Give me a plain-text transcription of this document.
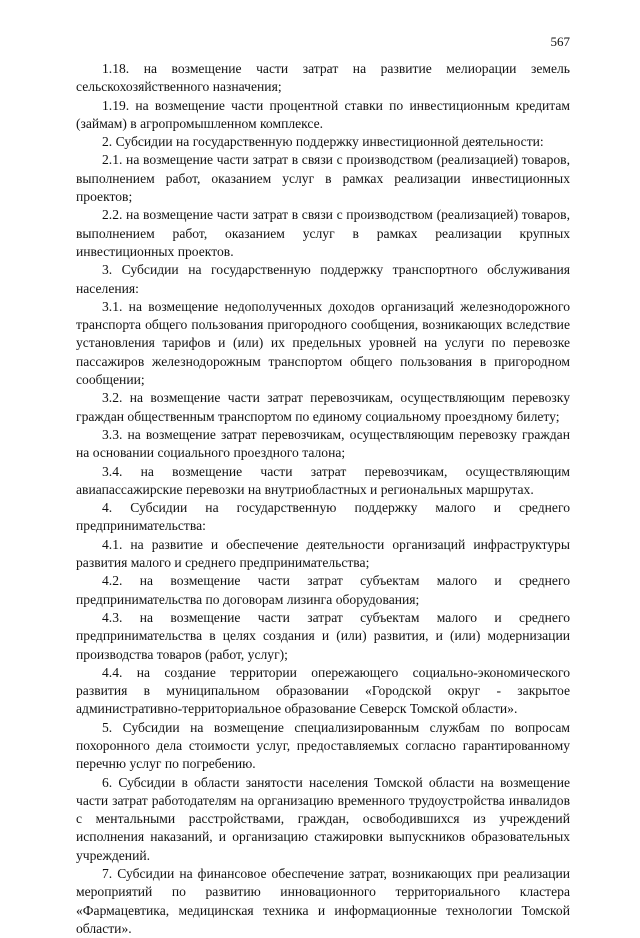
567

1.18. на возмещение части затрат на развитие мелиорации земель сельскохозяйственного назначения;

1.19. на возмещение части процентной ставки по инвестиционным кредитам (займам) в агропромышленном комплексе.

2. Субсидии на государственную поддержку инвестиционной деятельности:

2.1. на возмещение части затрат в связи с производством (реализацией) товаров, выполнением работ, оказанием услуг в рамках реализации инвестиционных проектов;

2.2. на возмещение части затрат в связи с производством (реализацией) товаров, выполнением работ, оказанием услуг в рамках реализации крупных инвестиционных проектов.

3. Субсидии на государственную поддержку транспортного обслуживания населения:

3.1. на возмещение недополученных доходов организаций железнодорожного транспорта общего пользования пригородного сообщения, возникающих вследствие установления тарифов и (или) их предельных уровней на услуги по перевозке пассажиров железнодорожным транспортом общего пользования в пригородном сообщении;

3.2. на возмещение части затрат перевозчикам, осуществляющим перевозку граждан общественным транспортом по единому социальному проездному билету;

3.3. на возмещение затрат перевозчикам, осуществляющим перевозку граждан на основании социального проездного талона;

3.4. на возмещение части затрат перевозчикам, осуществляющим авиапассажирские перевозки на внутриобластных и региональных маршрутах.

4. Субсидии на государственную поддержку малого и среднего предпринимательства:

4.1. на развитие и обеспечение деятельности организаций инфраструктуры развития малого и среднего предпринимательства;

4.2. на возмещение части затрат субъектам малого и среднего предпринимательства по договорам лизинга оборудования;

4.3. на возмещение части затрат субъектам малого и среднего предпринимательства в целях создания и (или) развития, и (или) модернизации производства товаров (работ, услуг);

4.4. на создание территории опережающего социально-экономического развития в муниципальном образовании «Городской округ - закрытое административно-территориальное образование Северск Томской области».

5. Субсидии на возмещение специализированным службам по вопросам похоронного дела стоимости услуг, предоставляемых согласно гарантированному перечню услуг по погребению.

6. Субсидии в области занятости населения Томской области на возмещение части затрат работодателям на организацию временного трудоустройства инвалидов с ментальными расстройствами, граждан, освободившихся из учреждений исполнения наказаний, и организацию стажировки выпускников образовательных учреждений.

7. Субсидии на финансовое обеспечение затрат, возникающих при реализации мероприятий по развитию инновационного территориального кластера «Фармацевтика, медицинская техника и информационные технологии Томской области».
